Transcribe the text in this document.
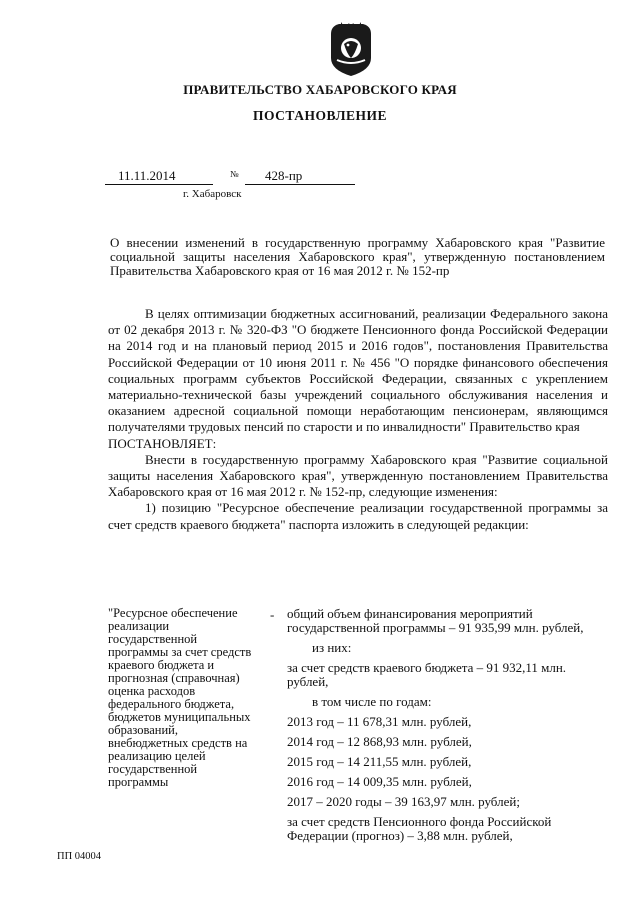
ПРАВИТЕЛЬСТВО ХАБАРОВСКОГО КРАЯ
ПОСТАНОВЛЕНИЕ
11.11.2014	№	428-пр
г. Хабаровск
О внесении изменений в государственную программу Хабаровского края "Развитие социальной защиты населения Хабаровского края", утвержденную постановлением Правительства Хабаровского края от 16 мая 2012 г. № 152-пр

В целях оптимизации бюджетных ассигнований, реализации Федерального закона от 02 декабря 2013 г. № 320-ФЗ "О бюджете Пенсионного фонда Российской Федерации на 2014 год и на плановый период 2015 и 2016 годов", постановления Правительства Российской Федерации от 10 июня 2011 г. № 456 "О порядке финансового обеспечения социальных программ субъектов Российской Федерации, связанных с укреплением материально-технической базы учреждений социального обслуживания населения и оказанием адресной социальной помощи неработающим пенсионерам, являющимся получателями трудовых пенсий по старости и по инвалидности" Правительство края

ПОСТАНОВЛЯЕТ:

Внести в государственную программу Хабаровского края "Развитие социальной защиты населения Хабаровского края", утвержденную постановлением Правительства Хабаровского края от 16 мая 2012 г. № 152-пр, следующие изменения:

1) позицию "Ресурсное обеспечение реализации государственной программы за счет средств краевого бюджета" паспорта изложить в следующей редакции:

"Ресурсное обеспечение реализации государственной программы за счет средств краевого бюджета и прогнозная (справочная) оценка расходов федерального бюджета, бюджетов муниципальных образований, внебюджетных средств на реализацию целей государственной программы
- общий объем финансирования мероприятий государственной программы – 91 935,99 млн. рублей,

из них:

за счет средств краевого бюджета – 91 932,11 млн. рублей,

в том числе по годам:

2013 год – 11 678,31 млн. рублей,

2014 год – 12 868,93 млн. рублей,

2015 год – 14 211,55 млн. рублей,

2016 год – 14 009,35 млн. рублей,

2017 – 2020 годы – 39 163,97 млн. рублей;

за счет средств Пенсионного фонда Российской Федерации (прогноз) – 3,88 млн. рублей,

ПП 04004
